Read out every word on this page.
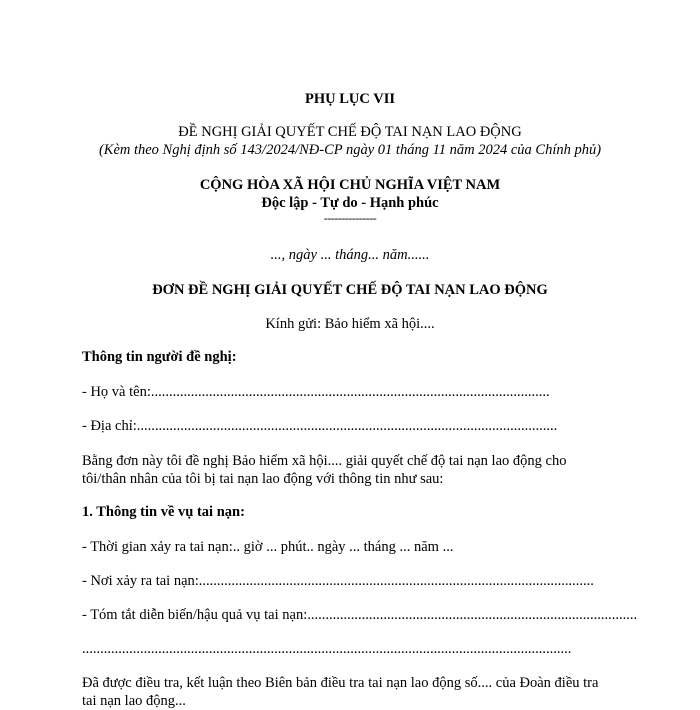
PHỤ LỤC VII
ĐỀ NGHỊ GIẢI QUYẾT CHẾ ĐỘ TAI NẠN LAO ĐỘNG
(Kèm theo Nghị định số 143/2024/NĐ-CP ngày 01 tháng 11 năm 2024 của Chính phủ)
CỘNG HÒA XÃ HỘI CHỦ NGHĨA VIỆT NAM
Độc lập - Tự do - Hạnh phúc
---------------
..., ngày ... tháng... năm......
ĐƠN ĐỀ NGHỊ GIẢI QUYẾT CHẾ ĐỘ TAI NẠN LAO ĐỘNG
Kính gửi: Bảo hiểm xã hội....
Thông tin người đề nghị:
- Họ và tên:..............................................................................................................
- Địa chỉ:....................................................................................................................
Bằng đơn này tôi đề nghị Bảo hiểm xã hội.... giải quyết chế độ tai nạn lao động cho
tôi/thân nhân của tôi bị tai nạn lao động với thông tin như sau:
1. Thông tin về vụ tai nạn:
- Thời gian xảy ra tai nạn:.. giờ ... phút.. ngày ... tháng ... năm ...
- Nơi xảy ra tai nạn:.............................................................................................................
- Tóm tắt diễn biến/hậu quả vụ tai nạn:...........................................................................................
.......................................................................................................................................
Đã được điều tra, kết luận theo Biên bản điều tra tai nạn lao động số.... của Đoàn điều tra
tai nạn lao động...
